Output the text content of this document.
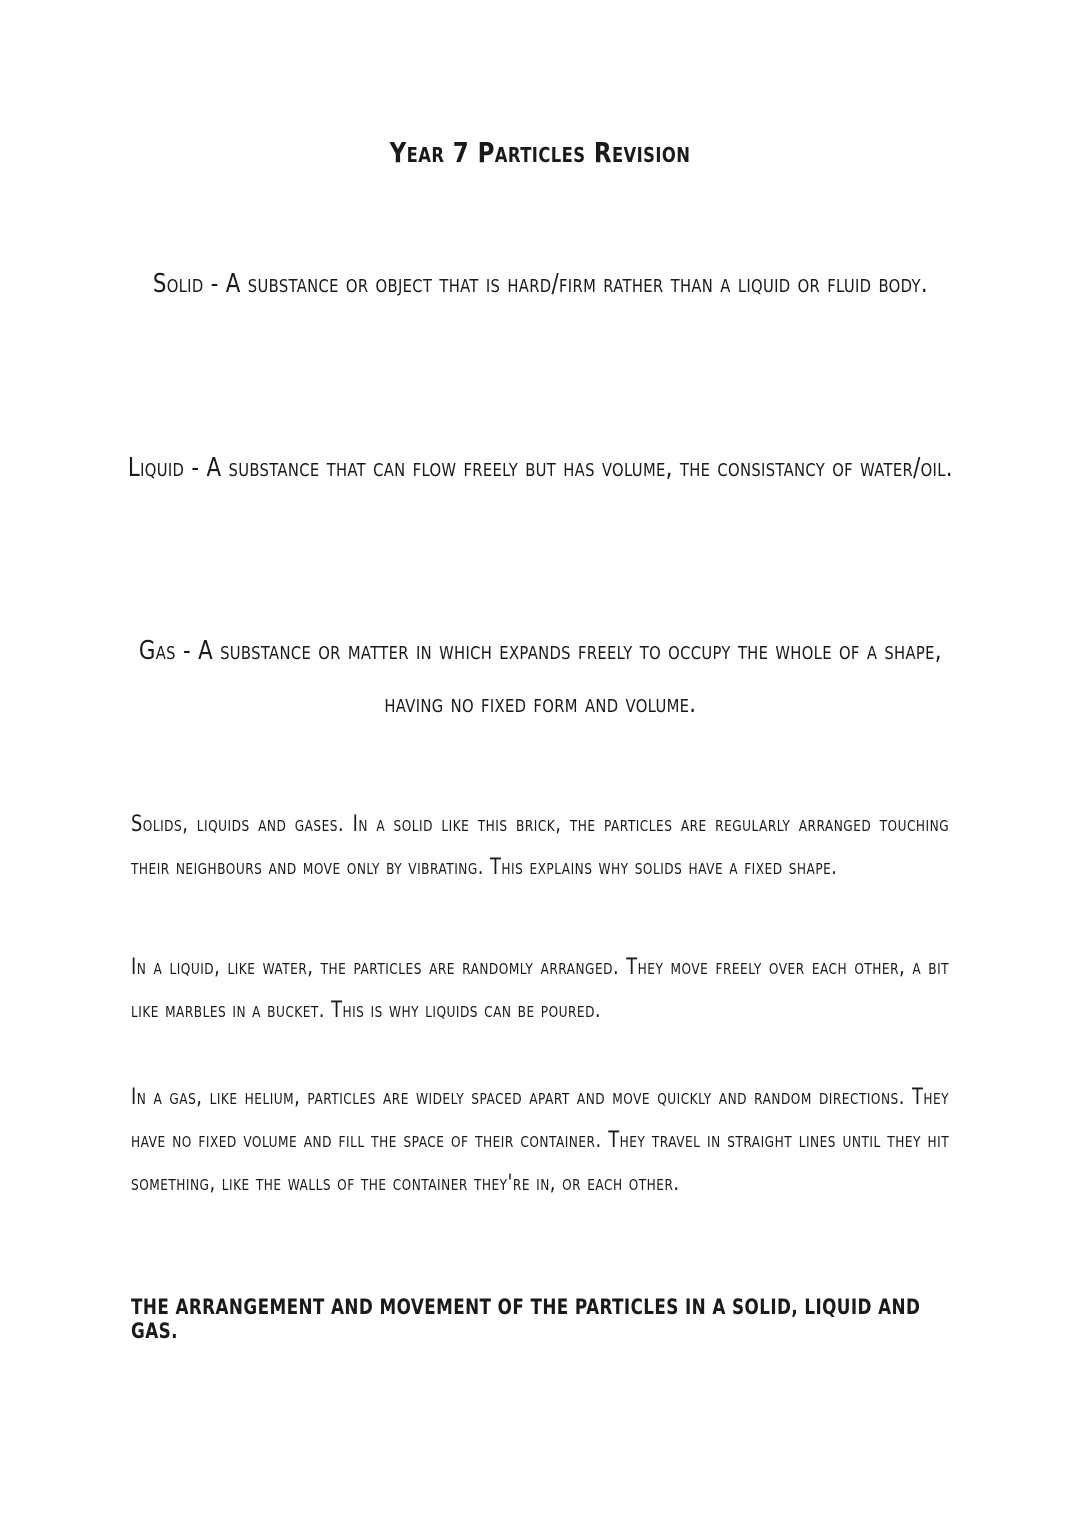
Year 7 Particles Revision
Solid - A substance or object that is hard/firm rather than a liquid or fluid body.
Liquid - A substance that can flow freely but has volume, the consistancy of water/oil.
Gas - A substance or matter in which expands freely to occupy the whole of a shape, having no fixed form and volume.
Solids, liquids and gases. In a solid like this brick, the particles are regularly arranged touching their neighbours and move only by vibrating. This explains why solids have a fixed shape.
In a liquid, like water, the particles are randomly arranged. They move freely over each other, a bit like marbles in a bucket. This is why liquids can be poured.
In a gas, like helium, particles are widely spaced apart and move quickly and random directions. They have no fixed volume and fill the space of their container. They travel in straight lines until they hit something, like the walls of the container they're in, or each other.
THE ARRANGEMENT AND MOVEMENT OF THE PARTICLES IN A SOLID, LIQUID AND GAS.
